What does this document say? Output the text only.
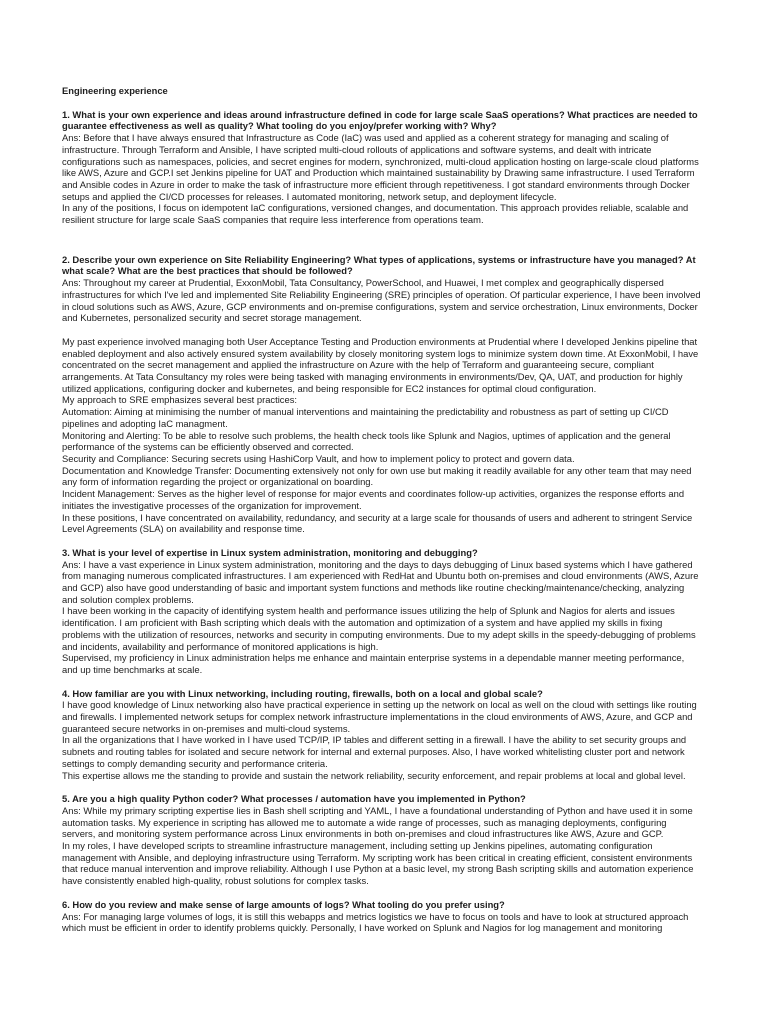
Engineering experience

1. What is your own experience and ideas around infrastructure defined in code for large scale SaaS operations? What practices are needed to guarantee effectiveness as well as quality? What tooling do you enjoy/prefer working with? Why?

Ans: Before that I have always ensured that Infrastructure as Code (IaC) was used and applied as a coherent strategy for managing and scaling of infrastructure. Through Terraform and Ansible, I have scripted multi-cloud rollouts of applications and software systems, and dealt with intricate configurations such as namespaces, policies, and secret engines for modern, synchronized, multi-cloud application hosting on large-scale cloud platforms like AWS, Azure and GCP.I set Jenkins pipeline for UAT and Production which maintained sustainability by Drawing same infrastructure. I used Terraform and Ansible codes in Azure in order to make the task of infrastructure more efficient through repetitiveness. I got standard environments through Docker setups and applied the CI/CD processes for releases. I automated monitoring, network setup, and deployment lifecycle.

In any of the positions, I focus on idempotent IaC configurations, versioned changes, and documentation. This approach provides reliable, scalable and resilient structure for large scale SaaS companies that require less interference from operations team.

2. Describe your own experience on Site Reliability Engineering? What types of applications, systems or infrastructure have you managed? At what scale? What are the best practices that should be followed?

Ans: Throughout my career at Prudential, ExxonMobil, Tata Consultancy, PowerSchool, and Huawei, I met complex and geographically dispersed infrastructures for which I've led and implemented Site Reliability Engineering (SRE) principles of operation. Of particular experience, I have been involved in cloud solutions such as AWS, Azure, GCP environments and on-premise configurations, system and service orchestration, Linux environments, Docker and Kubernetes, personalized security and secret storage management.

My past experience involved managing both User Acceptance Testing and Production environments at Prudential where I developed Jenkins pipeline that enabled deployment and also actively ensured system availability by closely monitoring system logs to minimize system down time. At ExxonMobil, I have concentrated on the secret management and applied the infrastructure on Azure with the help of Terraform and guaranteeing secure, compliant arrangements. At Tata Consultancy my roles were being tasked with managing environments in environments/Dev, QA, UAT, and production for highly utilized applications, configuring docker and kubernetes, and being responsible for EC2 instances for optimal cloud configuration.

My approach to SRE emphasizes several best practices:

Automation: Aiming at minimising the number of manual interventions and maintaining the predictability and robustness as part of setting up CI/CD pipelines and adopting IaC managment.

Monitoring and Alerting: To be able to resolve such problems, the health check tools like Splunk and Nagios, uptimes of application and the general performance of the systems can be efficiently observed and corrected.

Security and Compliance: Securing secrets using HashiCorp Vault, and how to implement policy to protect and govern data.

Documentation and Knowledge Transfer: Documenting extensively not only for own use but making it readily available for any other team that may need any form of information regarding the project or organizational on boarding.

Incident Management: Serves as the higher level of response for major events and coordinates follow-up activities, organizes the response efforts and initiates the investigative processes of the organization for improvement.

In these positions, I have concentrated on availability, redundancy, and security at a large scale for thousands of users and adherent to stringent Service Level Agreements (SLA) on availability and response time.

3. What is your level of expertise in Linux system administration, monitoring and debugging?

Ans: I have a vast experience in Linux system administration, monitoring and the days to days debugging of Linux based systems which I have gathered from managing numerous complicated infrastructures. I am experienced with RedHat and Ubuntu both on-premises and cloud environments (AWS, Azure and GCP) also have good understanding of basic and important system functions and methods like routine checking/maintenance/checking, analyzing and solution complex problems.

I have been working in the capacity of identifying system health and performance issues utilizing the help of Splunk and Nagios for alerts and issues identification. I am proficient with Bash scripting which deals with the automation and optimization of a system and have applied my skills in fixing problems with the utilization of resources, networks and security in computing environments. Due to my adept skills in the speedy-debugging of problems and incidents, availability and performance of monitored applications is high.

Supervised, my proficiency in Linux administration helps me enhance and maintain enterprise systems in a dependable manner meeting performance, and up time benchmarks at scale.

4. How familiar are you with Linux networking, including routing, firewalls, both on a local and global scale?

I have good knowledge of Linux networking also have practical experience in setting up the network on local as well on the cloud with settings like routing and firewalls. I implemented network setups for complex network infrastructure implementations in the cloud environments of AWS, Azure, and GCP and guaranteed secure networks in on-premises and multi-cloud systems.

In all the organizations that I have worked in I have used TCP/IP, IP tables and different setting in a firewall. I have the ability to set security groups and subnets and routing tables for isolated and secure network for internal and external purposes. Also, I have worked whitelisting cluster port and network settings to comply demanding security and performance criteria.

This expertise allows me the standing to provide and sustain the network reliability, security enforcement, and repair problems at local and global level.

5. Are you a high quality Python coder? What processes / automation have you implemented in Python?

Ans: While my primary scripting expertise lies in Bash shell scripting and YAML, I have a foundational understanding of Python and have used it in some automation tasks. My experience in scripting has allowed me to automate a wide range of processes, such as managing deployments, configuring servers, and monitoring system performance across Linux environments in both on-premises and cloud infrastructures like AWS, Azure and GCP.

In my roles, I have developed scripts to streamline infrastructure management, including setting up Jenkins pipelines, automating configuration management with Ansible, and deploying infrastructure using Terraform. My scripting work has been critical in creating efficient, consistent environments that reduce manual intervention and improve reliability. Although I use Python at a basic level, my strong Bash scripting skills and automation experience have consistently enabled high-quality, robust solutions for complex tasks.

6. How do you review and make sense of large amounts of logs? What tooling do you prefer using?

Ans: For managing large volumes of logs, it is still this webapps and metrics logistics we have to focus on tools and have to look at structured approach which must be efficient in order to identify problems quickly. Personally, I have worked on Splunk and Nagios for log management and monitoring
